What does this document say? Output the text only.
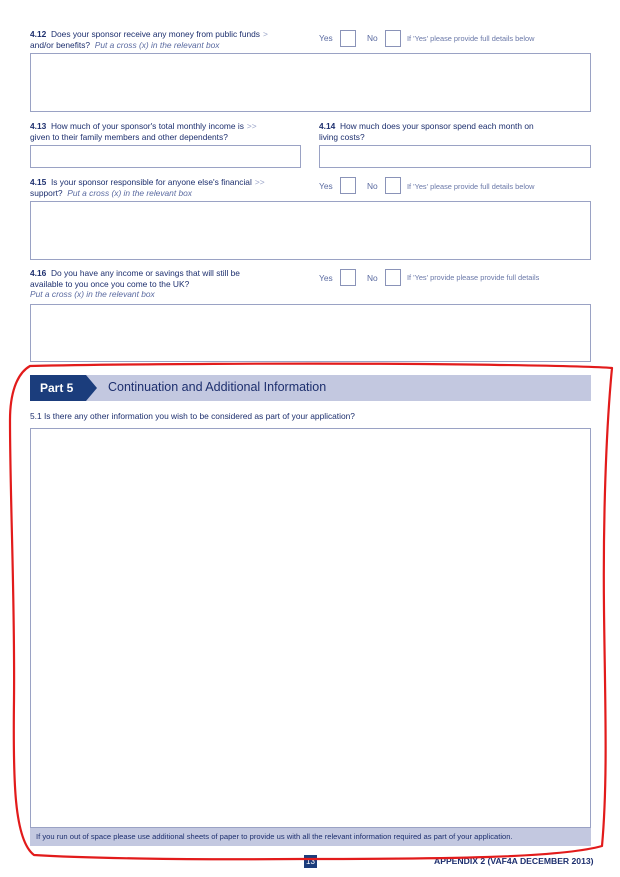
4.12 Does your sponsor receive any money from public funds >
and/or benefits? Put a cross (x) in the relevant box
Yes	No	If 'Yes' please provide full details below
4.13 How much of your sponsor's total monthly income is >>
given to their family members and other dependents?
4.14 How much does your sponsor spend each month on
living costs?
4.15 Is your sponsor responsible for anyone else's financial >>
support? Put a cross (x) in the relevant box
Yes	No	If 'Yes' please provide full details below
4.16 Do you have any income or savings that will still be
available to you once you come to the UK?
Put a cross (x) in the relevant box
Yes	No	If 'Yes' provide please provide full details
Part 5	Continuation and Additional Information
5.1 Is there any other information you wish to be considered as part of your application?
If you run out of space please use additional sheets of paper to provide us with all the relevant information required as part of your application.
13	APPENDIX 2 (VAF4A DECEMBER 2013)
